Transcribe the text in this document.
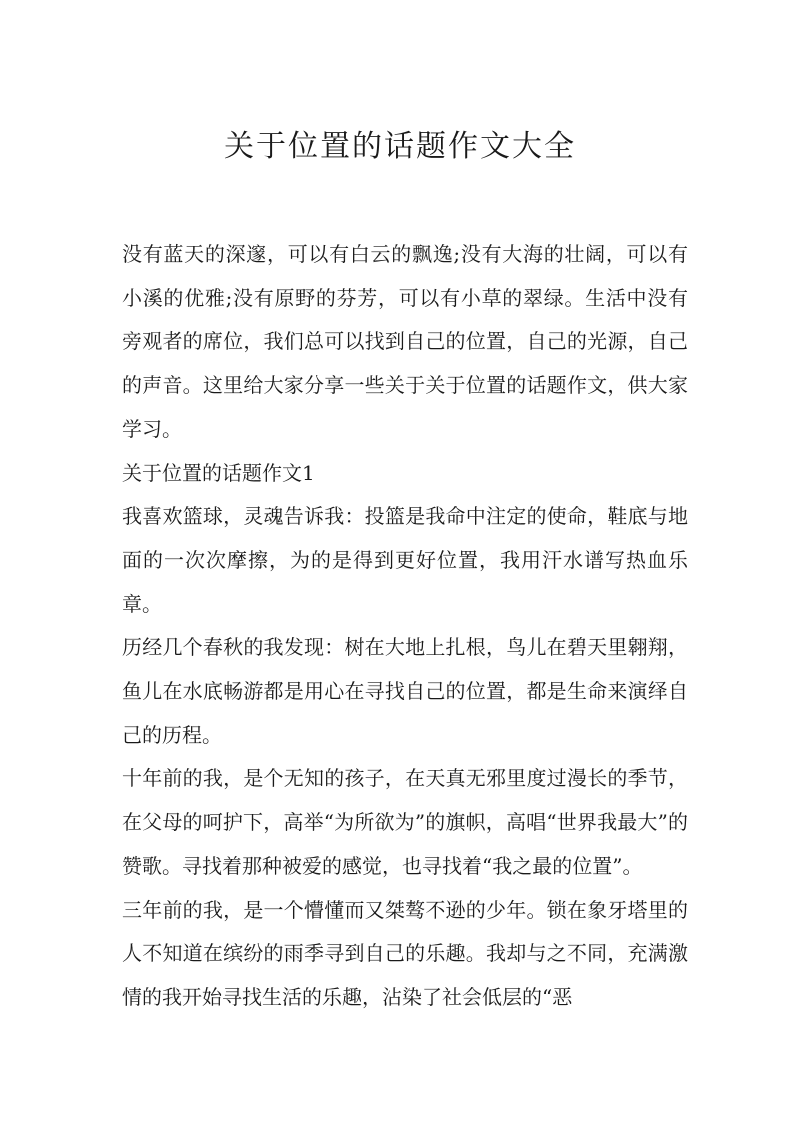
关于位置的话题作文大全

没有蓝天的深邃，可以有白云的飘逸;没有大海的壮阔，可以有小溪的优雅;没有原野的芬芳，可以有小草的翠绿。生活中没有旁观者的席位，我们总可以找到自己的位置，自己的光源，自己的声音。这里给大家分享一些关于关于位置的话题作文，供大家学习。

关于位置的话题作文1

我喜欢篮球，灵魂告诉我：投篮是我命中注定的使命，鞋底与地面的一次次摩擦，为的是得到更好位置，我用汗水谱写热血乐章。

历经几个春秋的我发现：树在大地上扎根，鸟儿在碧天里翱翔，鱼儿在水底畅游都是用心在寻找自己的位置，都是生命来演绎自己的历程。

十年前的我，是个无知的孩子，在天真无邪里度过漫长的季节，在父母的呵护下，高举“为所欲为”的旗帜，高唱“世界我最大”的赞歌。寻找着那种被爱的感觉，也寻找着“我之最的位置”。

三年前的我，是一个懵懂而又桀骜不逊的少年。锁在象牙塔里的人不知道在缤纷的雨季寻到自己的乐趣。我却与之不同，充满激情的我开始寻找生活的乐趣，沾染了社会低层的“恶
